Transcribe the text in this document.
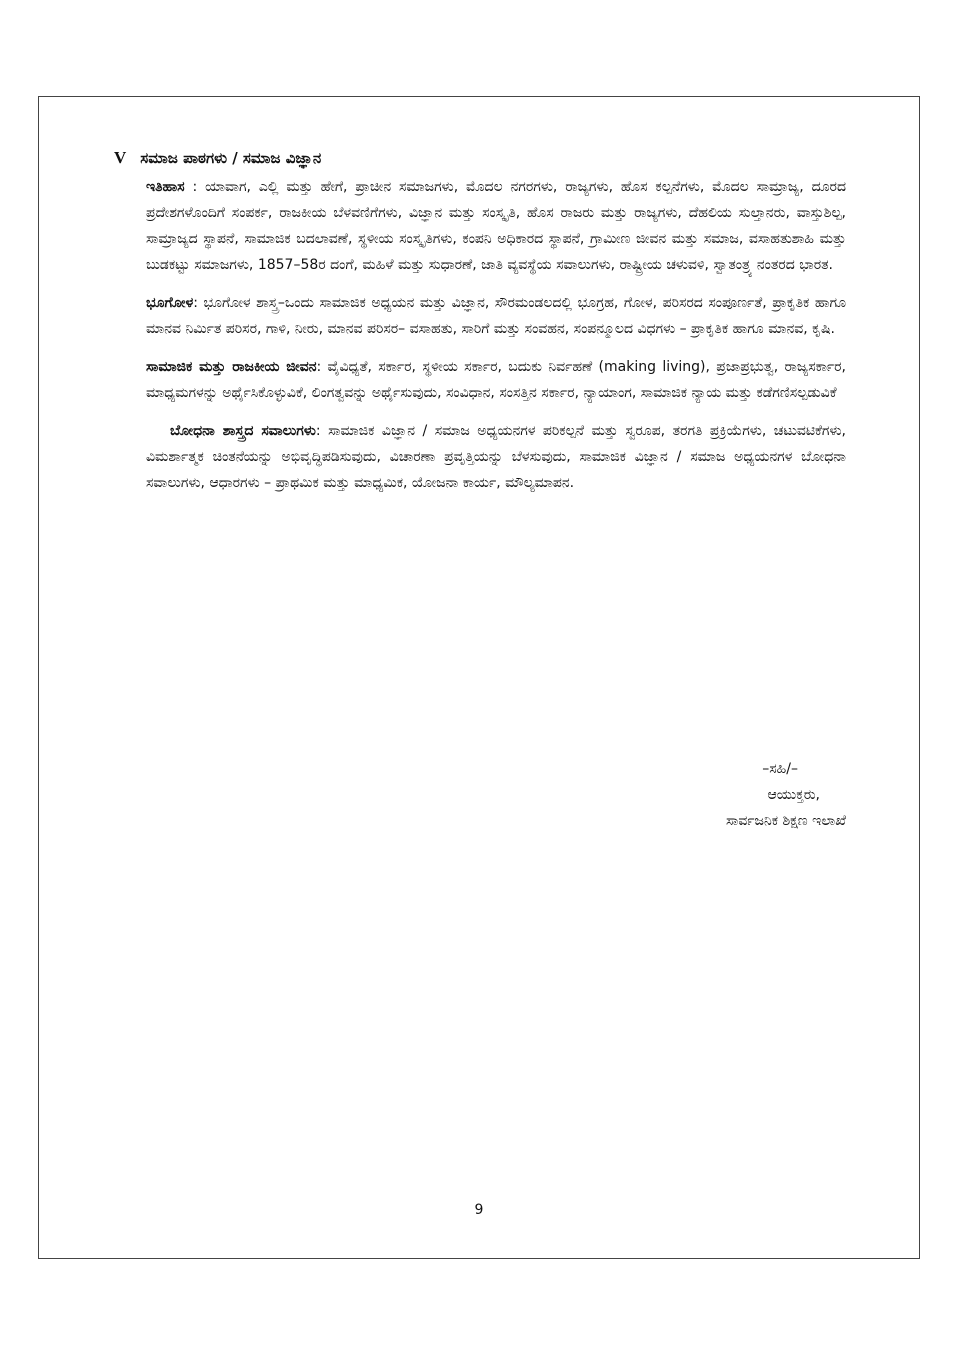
V ಸಮಾಜ ಪಾಠಗಳು / ಸಮಾಜ ವಿಜ್ಞಾನ

ಇತಿಹಾಸ : ಯಾವಾಗ, ಎಲ್ಲಿ ಮತ್ತು ಹೇಗೆ, ಪ್ರಾಚೀನ ಸಮಾಜಗಳು, ಮೊದಲ ನಗರಗಳು, ರಾಜ್ಯಗಳು, ಹೊಸ ಕಲ್ಪನೆಗಳು, ಮೊದಲ ಸಾಮ್ರಾಜ್ಯ, ದೂರದ ಪ್ರದೇಶಗಳೊಂದಿಗೆ ಸಂಪರ್ಕ, ರಾಜಕೀಯ ಬೆಳವಣಿಗೆಗಳು, ವಿಜ್ಞಾನ ಮತ್ತು ಸಂಸ್ಕೃತಿ, ಹೊಸ ರಾಜರು ಮತ್ತು ರಾಜ್ಯಗಳು, ದೆಹಲಿಯ ಸುಲ್ತಾನರು, ವಾಸ್ತುಶಿಲ್ಪ, ಸಾಮ್ರಾಜ್ಯದ ಸ್ಥಾಪನೆ, ಸಾಮಾಜಿಕ ಬದಲಾವಣೆ, ಸ್ಥಳೀಯ ಸಂಸ್ಕೃತಿಗಳು, ಕಂಪನಿ ಅಧಿಕಾರದ ಸ್ಥಾಪನೆ, ಗ್ರಾಮೀಣ ಜೀವನ ಮತ್ತು ಸಮಾಜ, ವಸಾಹತುಶಾಹಿ ಮತ್ತು ಬುಡಕಟ್ಟು ಸಮಾಜಗಳು, 1857–58ರ ದಂಗೆ, ಮಹಿಳೆ ಮತ್ತು ಸುಧಾರಣೆ, ಜಾತಿ ವ್ಯವಸ್ಥೆಯ ಸವಾಲುಗಳು, ರಾಷ್ಟ್ರೀಯ ಚಳುವಳಿ, ಸ್ವಾತಂತ್ರ್ಯ ನಂತರದ ಭಾರತ.

ಭೂಗೋಳ: ಭೂಗೋಳ ಶಾಸ್ತ್ರ–ಒಂದು ಸಾಮಾಜಿಕ ಅಧ್ಯಯನ ಮತ್ತು ವಿಜ್ಞಾನ, ಸೌರಮಂಡಲದಲ್ಲಿ ಭೂಗ್ರಹ, ಗೋಳ, ಪರಿಸರದ ಸಂಪೂರ್ಣತೆ, ಪ್ರಾಕೃತಿಕ ಹಾಗೂ ಮಾನವ ನಿರ್ಮಿತ ಪರಿಸರ, ಗಾಳಿ, ನೀರು, ಮಾನವ ಪರಿಸರ– ವಸಾಹತು, ಸಾರಿಗೆ ಮತ್ತು ಸಂವಹನ, ಸಂಪನ್ಮೂಲದ ವಿಧಗಳು – ಪ್ರಾಕೃತಿಕ ಹಾಗೂ ಮಾನವ, ಕೃಷಿ.

ಸಾಮಾಜಿಕ ಮತ್ತು ರಾಜಕೀಯ ಜೀವನ: ವೈವಿಧ್ಯತೆ, ಸರ್ಕಾರ, ಸ್ಥಳೀಯ ಸರ್ಕಾರ, ಬದುಕು ನಿರ್ವಹಣೆ (making living), ಪ್ರಜಾಪ್ರಭುತ್ವ, ರಾಜ್ಯಸರ್ಕಾರ, ಮಾಧ್ಯಮಗಳನ್ನು ಅರ್ಥೈಸಿಕೊಳ್ಳುವಿಕೆ, ಲಿಂಗತ್ವವನ್ನು ಅರ್ಥೈಸುವುದು, ಸಂವಿಧಾನ, ಸಂಸತ್ತಿನ ಸರ್ಕಾರ, ನ್ಯಾಯಾಂಗ, ಸಾಮಾಜಿಕ ನ್ಯಾಯ ಮತ್ತು ಕಡೆಗಣಿಸಲ್ಪಡುವಿಕೆ

ಬೋಧನಾ ಶಾಸ್ತ್ರದ ಸವಾಲುಗಳು: ಸಾಮಾಜಿಕ ವಿಜ್ಞಾನ / ಸಮಾಜ ಅಧ್ಯಯನಗಳ ಪರಿಕಲ್ಪನೆ ಮತ್ತು ಸ್ವರೂಪ, ತರಗತಿ ಪ್ರಕ್ರಿಯೆಗಳು, ಚಟುವಟಿಕೆಗಳು, ವಿಮರ್ಶಾತ್ಮಕ ಚಿಂತನೆಯನ್ನು ಅಭಿವೃದ್ಧಿಪಡಿಸುವುದು, ವಿಚಾರಣಾ ಪ್ರವೃತ್ತಿಯನ್ನು ಬೆಳಸುವುದು, ಸಾಮಾಜಿಕ ವಿಜ್ಞಾನ / ಸಮಾಜ ಅಧ್ಯಯನಗಳ ಬೋಧನಾ ಸವಾಲುಗಳು, ಆಧಾರಗಳು – ಪ್ರಾಥಮಿಕ ಮತ್ತು ಮಾಧ್ಯಮಿಕ, ಯೋಜನಾ ಕಾರ್ಯ, ಮೌಲ್ಯಮಾಪನ.

–ಸಹಿ/–
ಆಯುಕ್ತರು,
ಸಾರ್ವಜನಿಕ ಶಿಕ್ಷಣ ಇಲಾಖೆ
9
